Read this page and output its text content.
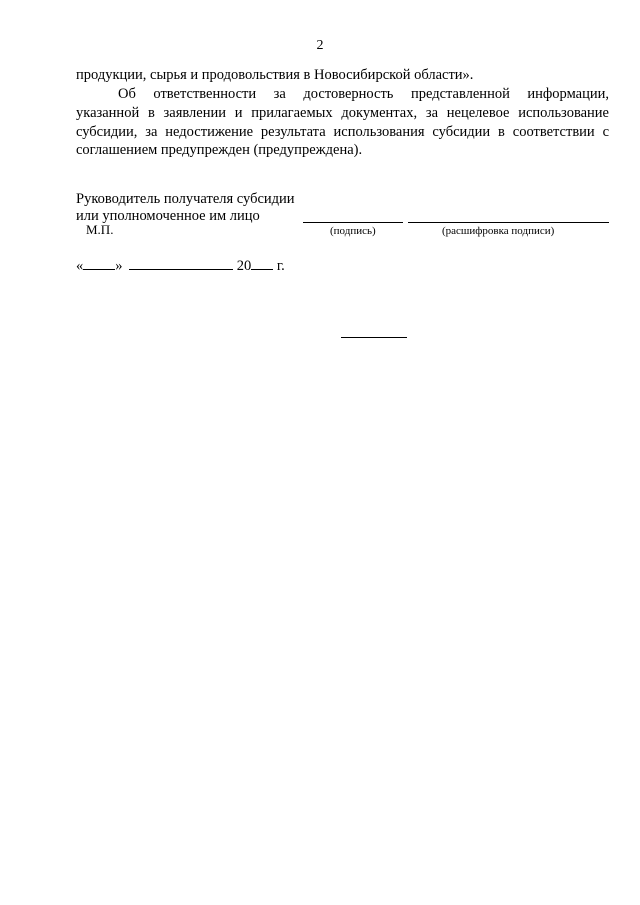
2
продукции, сырья и продовольствия в Новосибирской области».
Об ответственности за достоверность представленной информации,
указанной в заявлении и прилагаемых документах, за нецелевое использование
субсидии, за недостижение результата использования субсидии в соответствии с
соглашением предупрежден (предупреждена).
Руководитель получателя субсидии
или уполномоченное им лицо
М.П.	(подпись)	(расшифровка подписи)
« »	20 г.
